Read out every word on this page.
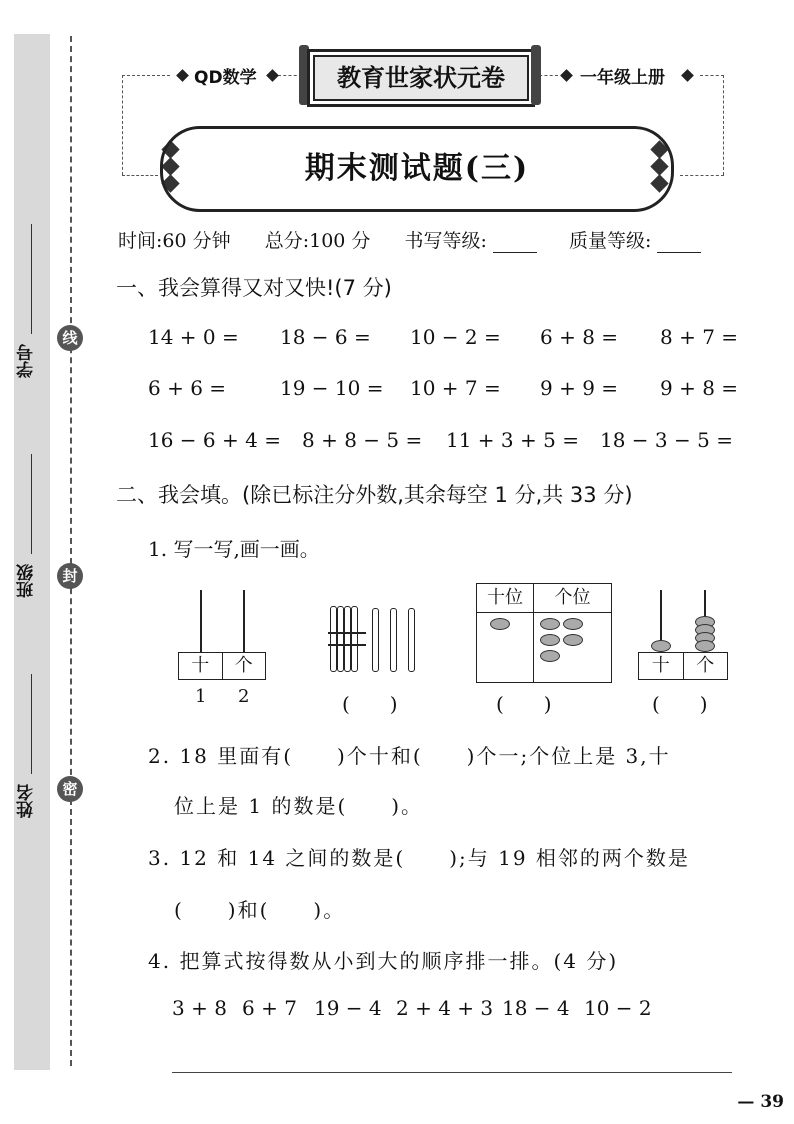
学号
班级
姓名
线
封
密
QD数学	教育世家状元卷	一年级上册
期末测试题(三)
时间:60 分钟 总分:100 分 书写等级:	质量等级:
一、我会算得又对又快!(7 分)
14 + 0 = 18 − 6 = 10 − 2 = 6 + 8 = 8 + 7 =
6 + 6 =	19 − 10 = 10 + 7 = 9 + 9 = 9 + 8 =
16 − 6 + 4 = 8 + 8 − 5 = 11 + 3 + 5 = 18 − 3 − 5 =
二、我会填。(除已标注分外数,其余每空 1 分,共 33 分)
1. 写一写,画一画。
十	个
1 2	(　　)
十位	个位
(　　)
十	个
(　　)
2. 18 里面有(　　)个十和(　　)个一;个位上是 3,十
位上是 1 的数是(　　)。
3. 12 和 14 之间的数是(　　);与 19 相邻的两个数是
(　　)和(　　)。
4. 把算式按得数从小到大的顺序排一排。(4 分)
3 + 8 6 + 7 19 − 4 2 + 4 + 3 18 − 4 10 − 2
— 39
